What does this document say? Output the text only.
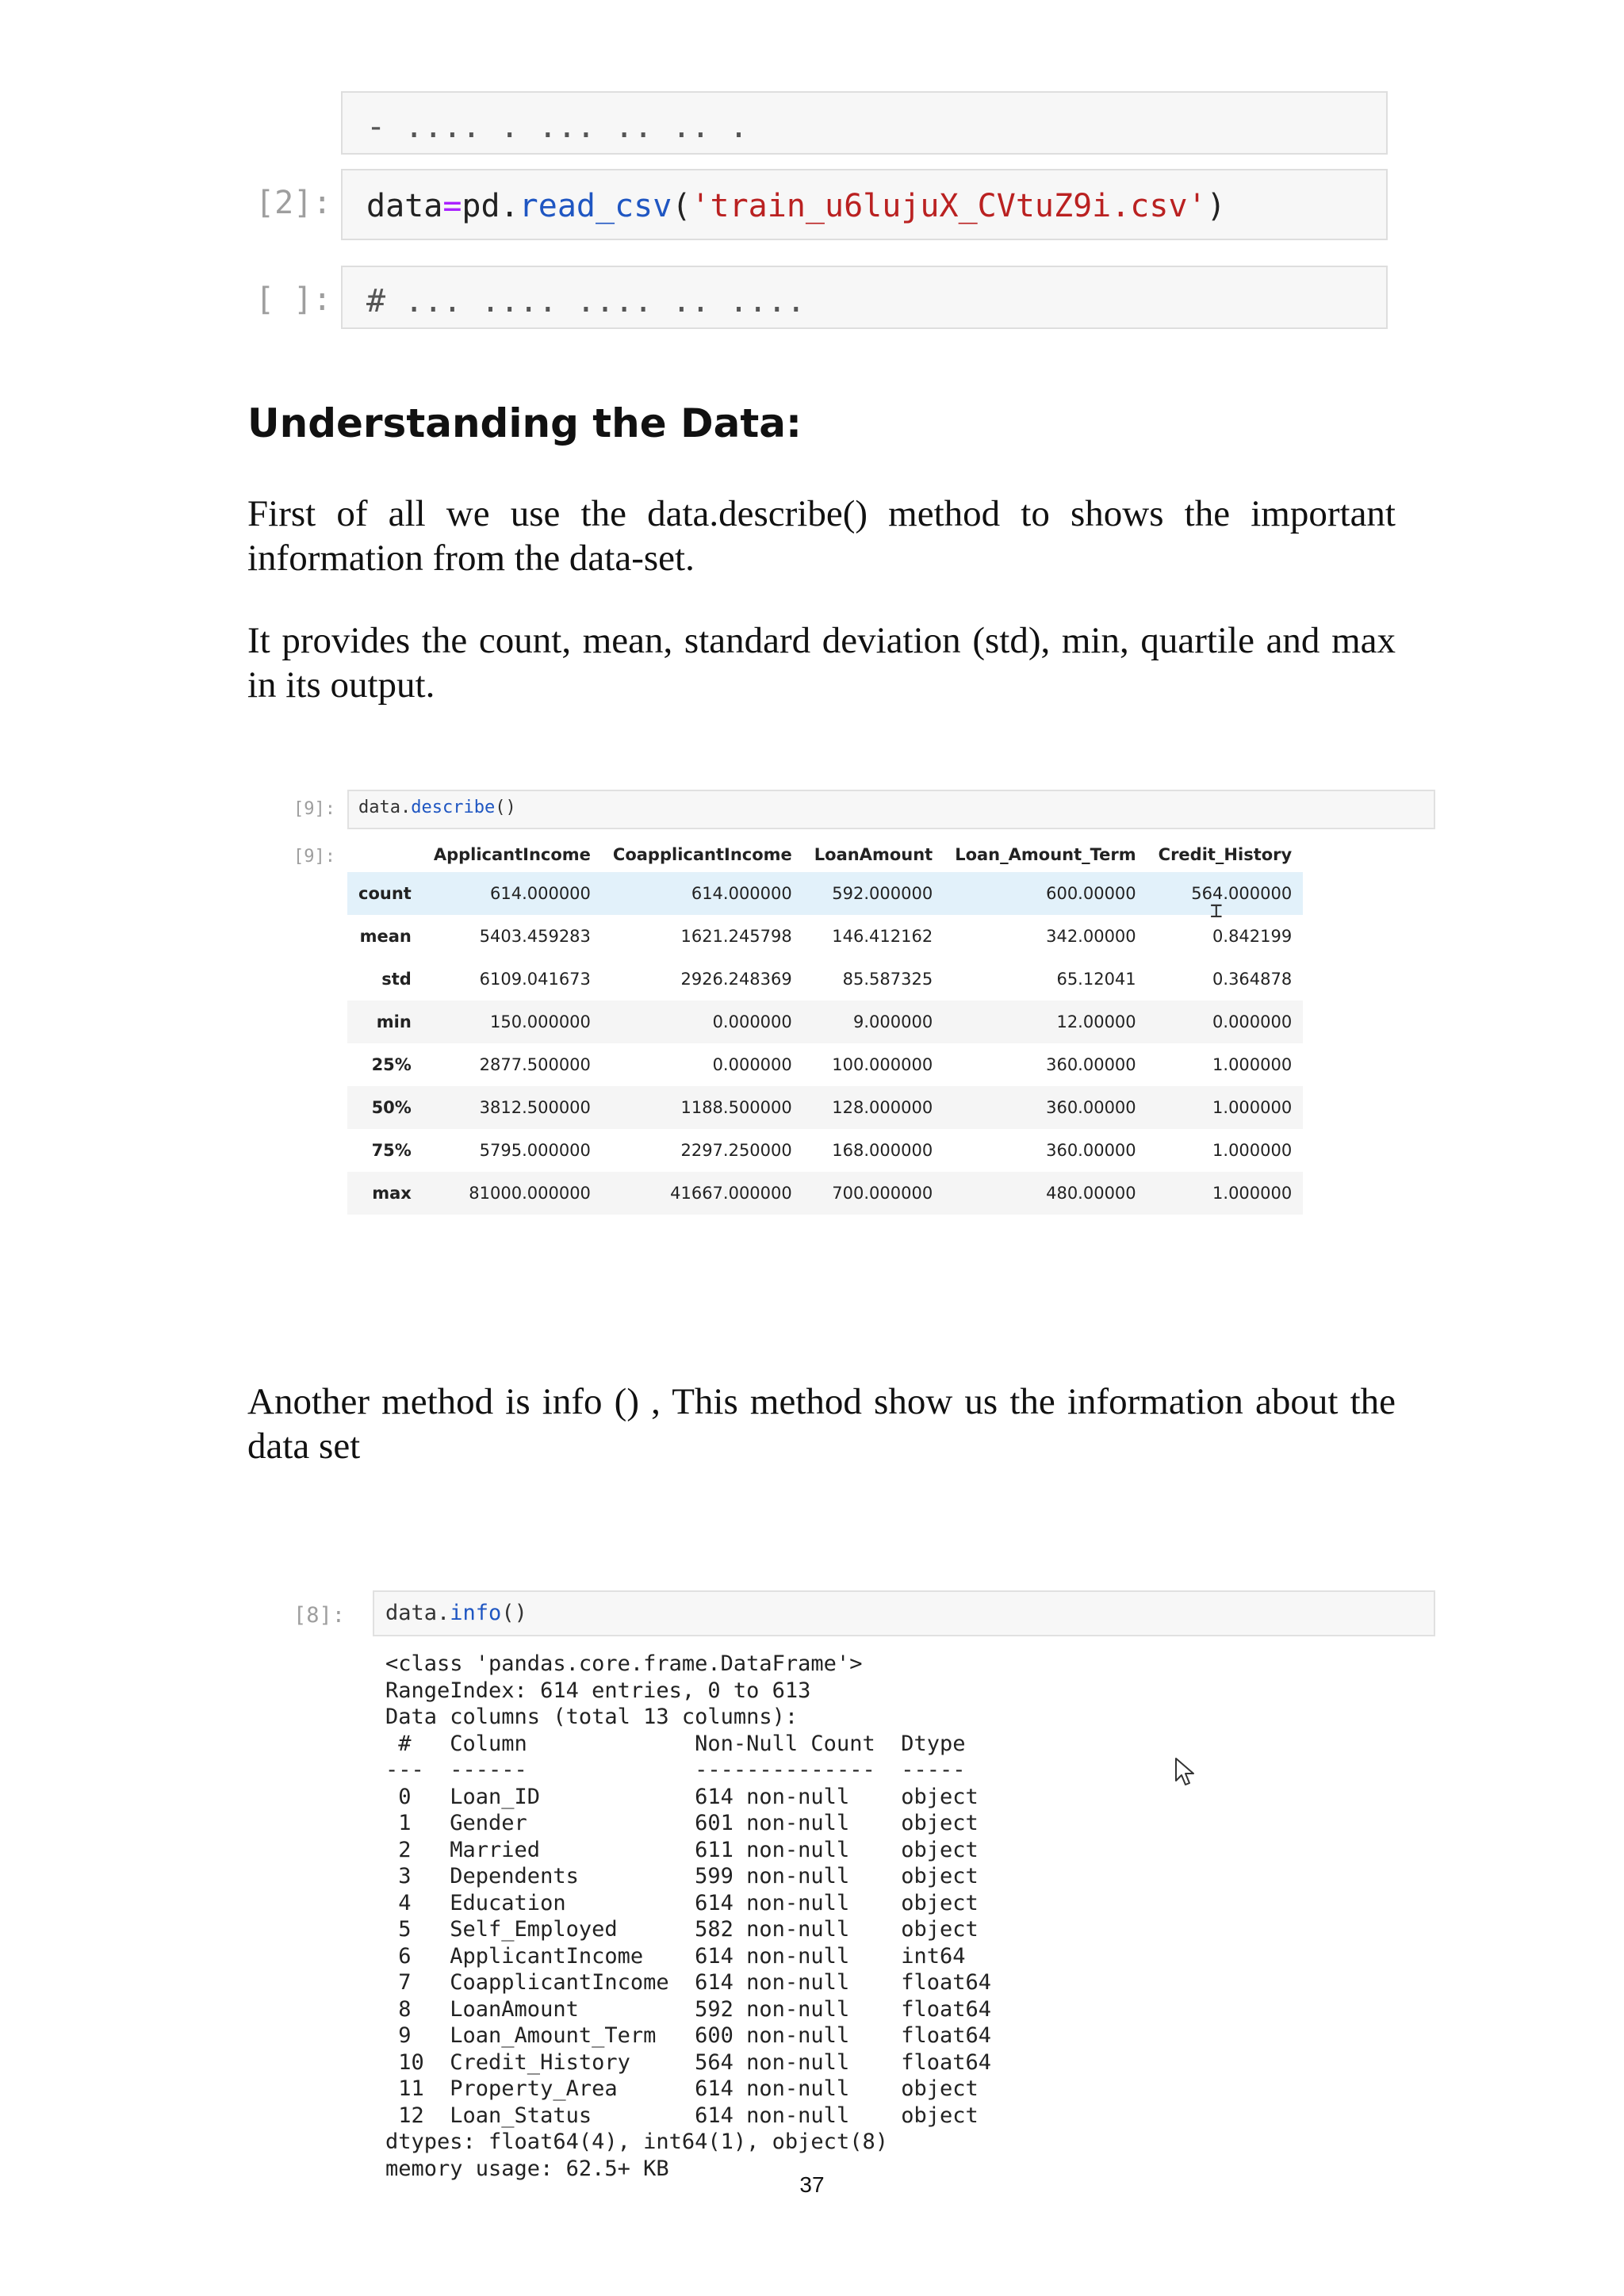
- .... . ... .. .. .
[2]: data=pd.read_csv('train_u6lujuX_CVtuZ9i.csv')
[ ]: # ... .... .... .. ....
Understanding the Data:

First of all we use the data.describe() method to shows the important information from the data-set.

It provides the count, mean, standard deviation (std), min, quartile and max in its output.

[9]: data.describe()
[9]:
		ApplicantIncome	CoapplicantIncome	LoanAmount	Loan_Amount_Term	Credit_History
count	614.000000	614.000000	592.000000	600.00000	564.000000
mean	5403.459283	1621.245798	146.412162	342.00000	0.842199
std	6109.041673	2926.248369	85.587325	65.12041	0.364878
min	150.000000	0.000000	9.000000	12.00000	0.000000
25%	2877.500000	0.000000	100.000000	360.00000	1.000000
50%	3812.500000	1188.500000	128.000000	360.00000	1.000000
75%	5795.000000	2297.250000	168.000000	360.00000	1.000000
max	81000.000000	41667.000000	700.000000	480.00000	1.000000
⌶

Another method is info () , This method show us the information about the data set

[8]: data.info()
<class 'pandas.core.frame.DataFrame'>
RangeIndex: 614 entries, 0 to 613
Data columns (total 13 columns):
#   Column             Non-Null Count  Dtype
---  ------             --------------  -----
0   Loan_ID            614 non-null    object
1   Gender             601 non-null    object
2   Married            611 non-null    object
3   Dependents         599 non-null    object
4   Education          614 non-null    object
5   Self_Employed      582 non-null    object
6   ApplicantIncome    614 non-null    int64
7   CoapplicantIncome  614 non-null    float64
8   LoanAmount         592 non-null    float64
9   Loan_Amount_Term   600 non-null    float64
10  Credit_History     564 non-null    float64
11  Property_Area      614 non-null    object
12  Loan_Status        614 non-null    object
dtypes: float64(4), int64(1), object(8)
memory usage: 62.5+ KB
37
